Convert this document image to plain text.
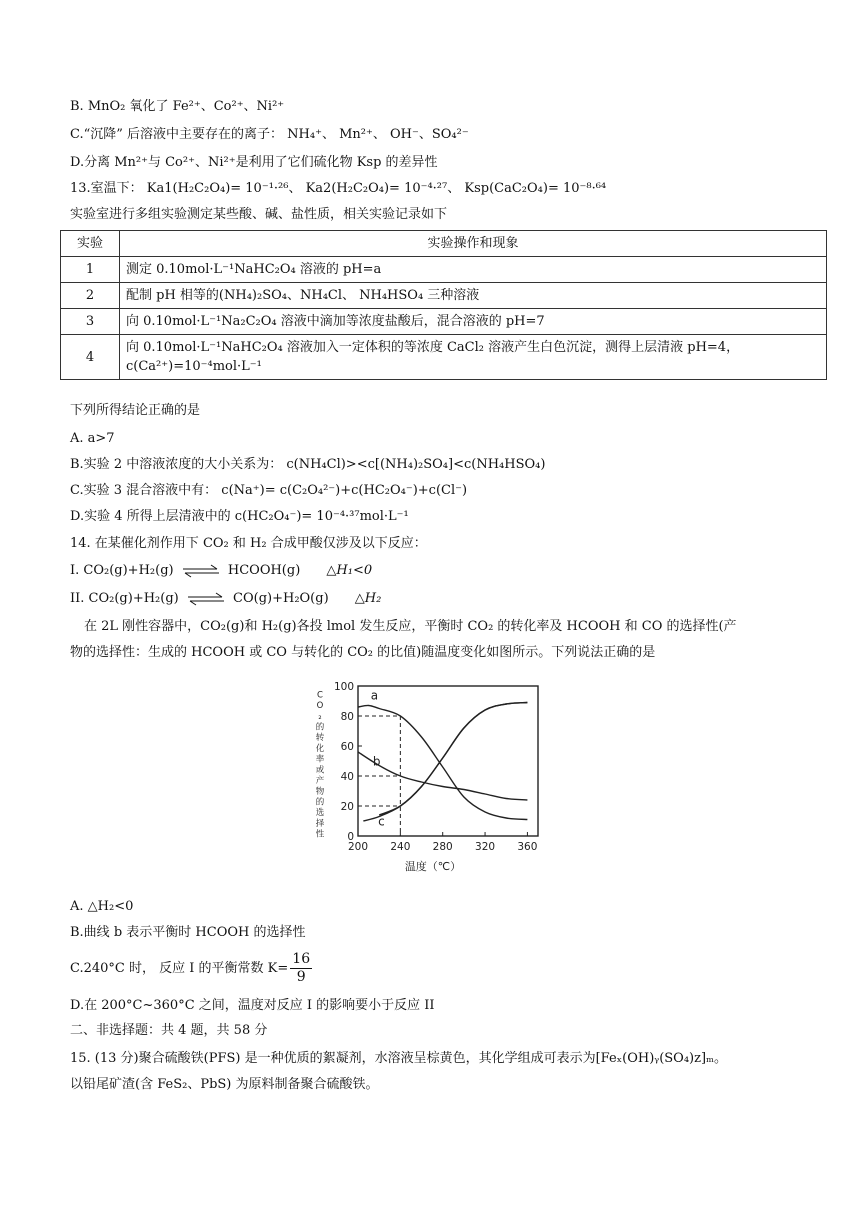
B. MnO₂ 氧化了 Fe²⁺、Co²⁺、Ni²⁺
C.“沉降” 后溶液中主要存在的离子： NH₄⁺、 Mn²⁺、 OH⁻、SO₄²⁻
D.分离 Mn²⁺与 Co²⁺、Ni²⁺是利用了它们硫化物 Ksp 的差异性
13.室温下： Ka1(H₂C₂O₄)= 10⁻¹·²⁶、 Ka2(H₂C₂O₄)= 10⁻⁴·²⁷、 Ksp(CaC₂O₄)= 10⁻⁸·⁶⁴
实验室进行多组实验测定某些酸、碱、盐性质，相关实验记录如下
实验	实验操作和现象
1	测定 0.10mol·L⁻¹NaHC₂O₄ 溶液的 pH=a
2	配制 pH 相等的(NH₄)₂SO₄、NH₄Cl、 NH₄HSO₄ 三种溶液
3	向 0.10mol·L⁻¹Na₂C₂O₄ 溶液中滴加等浓度盐酸后，混合溶液的 pH=7
4	向 0.10mol·L⁻¹NaHC₂O₄ 溶液加入一定体积的等浓度 CaCl₂ 溶液产生白色沉淀，测得上层清液 pH=4，
c(Ca²⁺)=10⁻⁴mol·L⁻¹
下列所得结论正确的是
A. a>7
B.实验 2 中溶液浓度的大小关系为： c(NH₄Cl)><c[(NH₄)₂SO₄]<c(NH₄HSO₄)
C.实验 3 混合溶液中有： c(Na⁺)= c(C₂O₄²⁻)+c(HC₂O₄⁻)+c(Cl⁻)
D.实验 4 所得上层清液中的 c(HC₂O₄⁻)= 10⁻⁴·³⁷mol·L⁻¹
14. 在某催化剂作用下 CO₂ 和 H₂ 合成甲酸仅涉及以下反应：
I. CO₂(g)+H₂(g) ⇌ HCOOH(g) △H₁<0
II. CO₂(g)+H₂(g) ⇌ CO(g)+H₂O(g) △H₂
在 2L 刚性容器中，CO₂(g)和 H₂(g)各投 lmol 发生反应，平衡时 CO₂ 的转化率及 HCOOH 和 CO 的选择性(产
物的选择性：生成的 HCOOH 或 CO 与转化的 CO₂ 的比值)随温度变化如图所示。下列说法正确的是
C
O
₂
的
转
化
率
或
产
物
的
选
择
性
a
b
c
200 240 280 320 360
0
20
40
60
80
100
温度（℃）
A. △H₂<0
B.曲线 b 表示平衡时 HCOOH 的选择性
C.240°C 时， 反应 I 的平衡常数 $K= \frac{16}{9}$
D.在 200°C~360°C 之间，温度对反应 I 的影响要小于反应 II
二、非选择题：共 4 题，共 58 分
15. (13 分)聚合硫酸铁(PFS) 是一种优质的絮凝剂，水溶液呈棕黄色，其化学组成可表示为[Feₓ(OH)ᵧ(SO₄)z]ₘ。
以铅尾矿渣(含 FeS₂、PbS) 为原料制备聚合硫酸铁。
